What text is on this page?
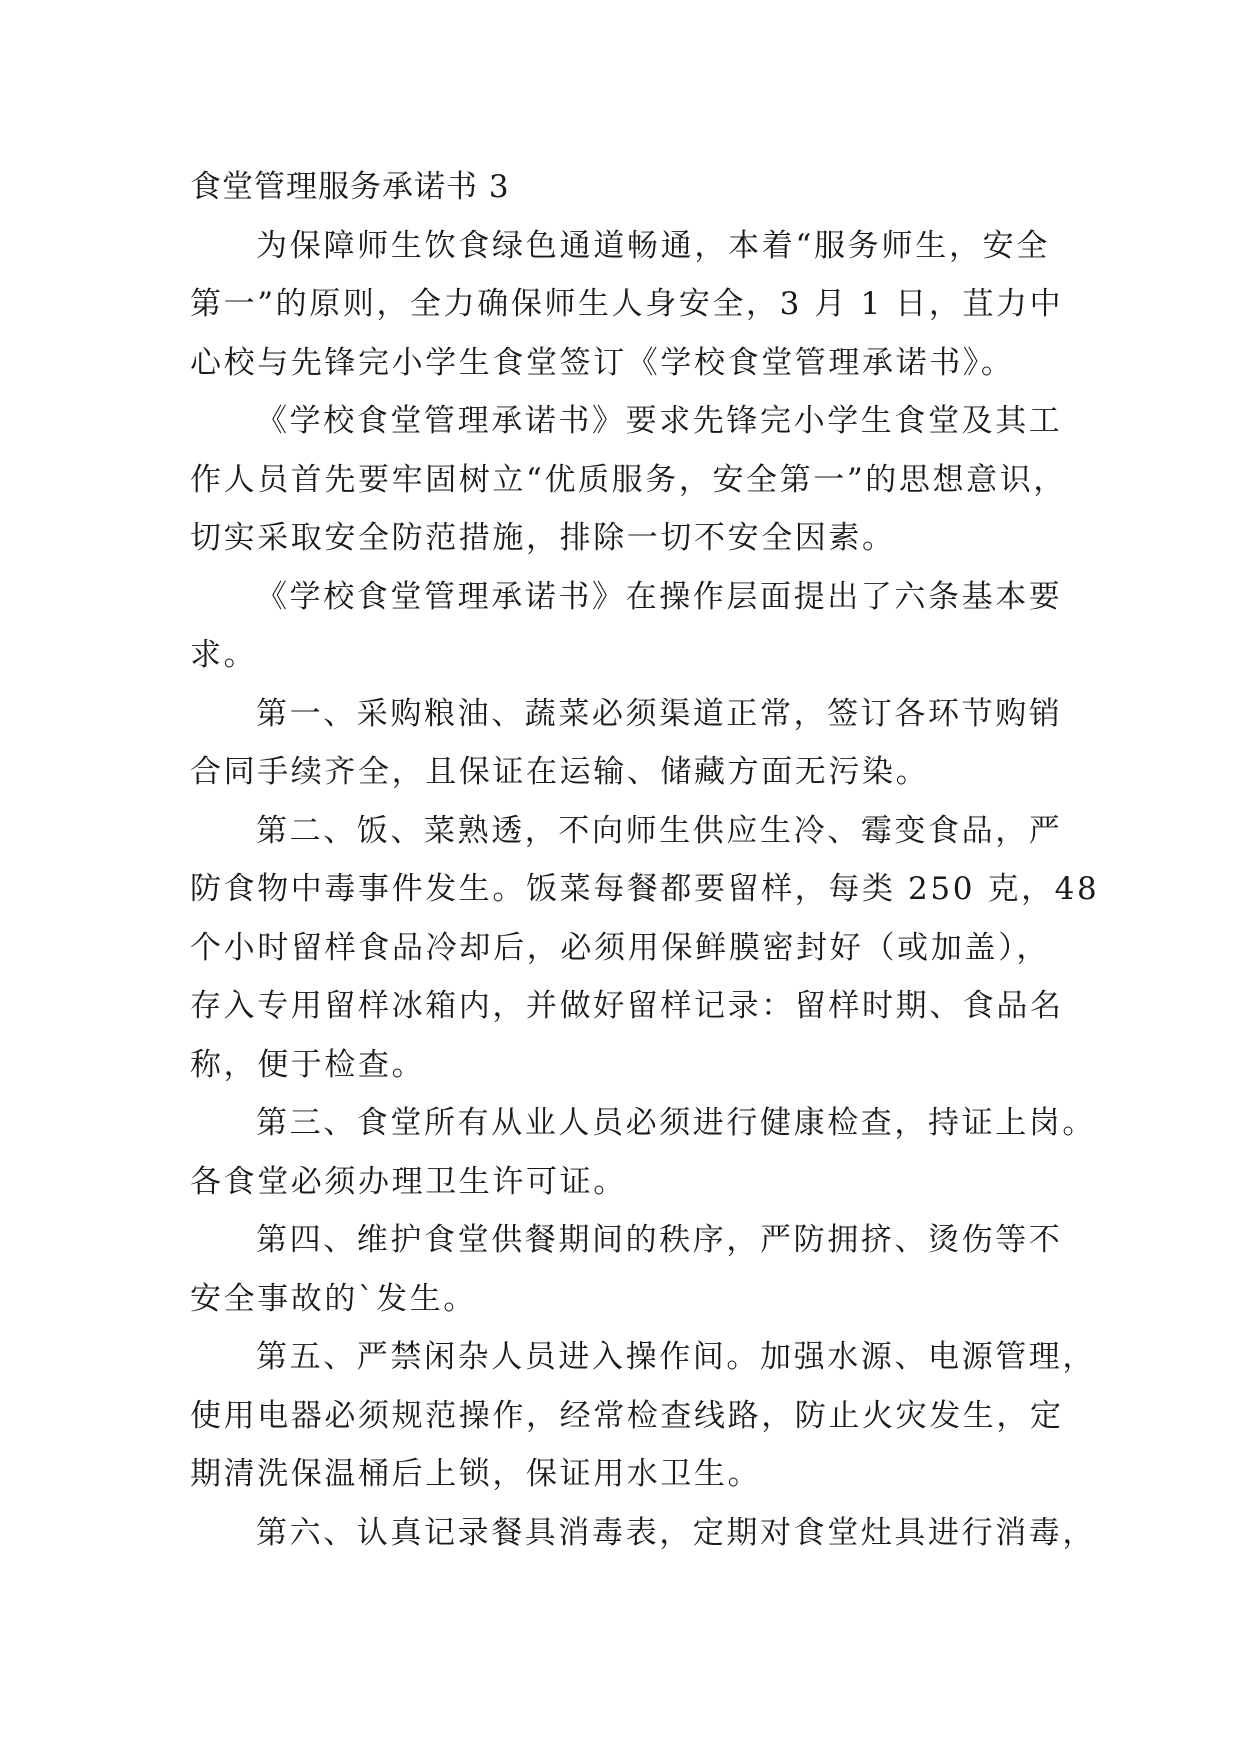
食堂管理服务承诺书 3
为保障师生饮食绿色通道畅通，本着“服务师生，安全
第一”的原则，全力确保师生人身安全，3 月 1 日，苴力中
心校与先锋完小学生食堂签订《学校食堂管理承诺书》。
《学校食堂管理承诺书》要求先锋完小学生食堂及其工
作人员首先要牢固树立“优质服务，安全第一”的思想意识，
切实采取安全防范措施，排除一切不安全因素。
《学校食堂管理承诺书》在操作层面提出了六条基本要
求。
第一、采购粮油、蔬菜必须渠道正常，签订各环节购销
合同手续齐全，且保证在运输、储藏方面无污染。
第二、饭、菜熟透，不向师生供应生冷、霉变食品，严
防食物中毒事件发生。饭菜每餐都要留样，每类 250 克，48
个小时留样食品冷却后，必须用保鲜膜密封好（或加盖），
存入专用留样冰箱内，并做好留样记录：留样时期、食品名
称，便于检查。
第三、食堂所有从业人员必须进行健康检查，持证上岗。
各食堂必须办理卫生许可证。
第四、维护食堂供餐期间的秩序，严防拥挤、烫伤等不
安全事故的`发生。
第五、严禁闲杂人员进入操作间。加强水源、电源管理，
使用电器必须规范操作，经常检查线路，防止火灾发生，定
期清洗保温桶后上锁，保证用水卫生。
第六、认真记录餐具消毒表，定期对食堂灶具进行消毒，
